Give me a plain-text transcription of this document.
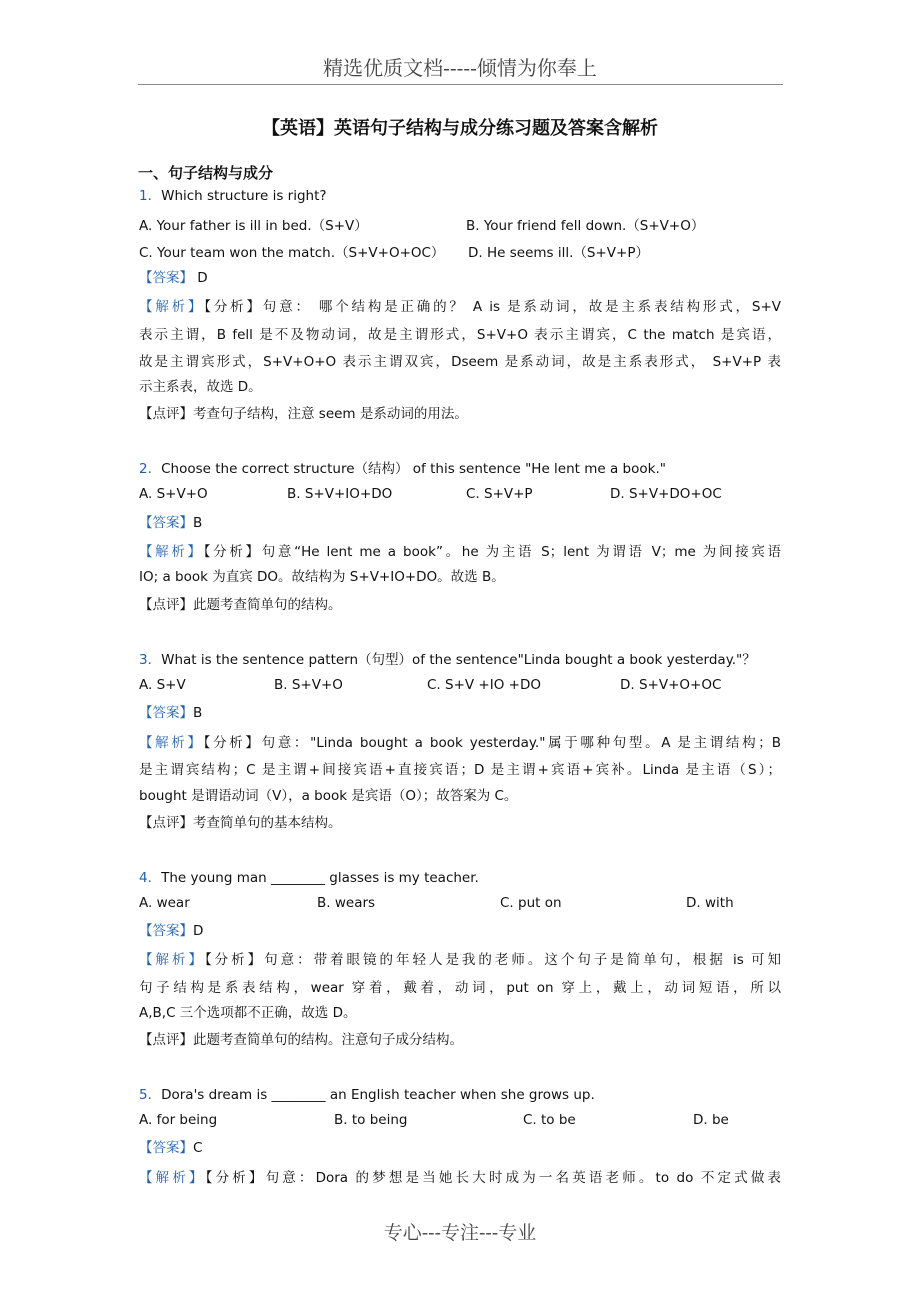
精选优质文档-----倾情为你奉上
【英语】英语句子结构与成分练习题及答案含解析
一、句子结构与成分
1．Which structure is right?
A. Your father is ill in bed.（S+V）	B. Your friend fell down.（S+V+O）
C. Your team won the match.（S+V+O+OC） D. He seems ill.（S+V+P）
【答案】 D
【解析】【分析】句意： 哪个结构是正确的？ A is 是系动词，故是主系表结构形式，S+V
表示主谓，B fell 是不及物动词，故是主谓形式，S+V+O 表示主谓宾，C the match 是宾语，
故是主谓宾形式，S+V+O+O 表示主谓双宾，Dseem 是系动词，故是主系表形式， S+V+P 表
示主系表，故选 D。
【点评】考查句子结构，注意 seem 是系动词的用法。
2．Choose the correct structure（结构） of this sentence "He lent me a book."
A. S+V+O	B. S+V+IO+DO	C. S+V+P	D. S+V+DO+OC
【答案】B
【解析】【分析】句意“He lent me a book”。he 为主语 S；lent 为谓语 V；me 为间接宾语
IO; a book 为直宾 DO。故结构为 S+V+IO+DO。故选 B。
【点评】此题考查简单句的结构。
3．What is the sentence pattern（句型）of the sentence"Linda bought a book yesterday."？
A. S+V	B. S+V+O	C. S+V +IO +DO	D. S+V+O+OC
【答案】B
【解析】【分析】句意："Linda bought a book yesterday."属于哪种句型。A 是主谓结构；B
是主谓宾结构；C 是主谓+间接宾语+直接宾语；D 是主谓+宾语+宾补。Linda 是主语（S）；
bought 是谓语动词（V），a book 是宾语（O）；故答案为 C。
【点评】考查简单句的基本结构。
4．The young man ________ glasses is my teacher.
A. wear	B. wears	C. put on	D. with
【答案】D
【解析】【分析】句意：带着眼镜的年轻人是我的老师。这个句子是简单句，根据 is 可知
句子结构是系表结构，wear 穿着，戴着，动词，put on 穿上，戴上，动词短语，所以
A,B,C 三个选项都不正确，故选 D。
【点评】此题考查简单句的结构。注意句子成分结构。
5．Dora's dream is ________ an English teacher when she grows up.
A. for being	B. to being	C. to be	D. be
【答案】C
【解析】【分析】句意：Dora 的梦想是当她长大时成为一名英语老师。to do 不定式做表
专心---专注---专业
